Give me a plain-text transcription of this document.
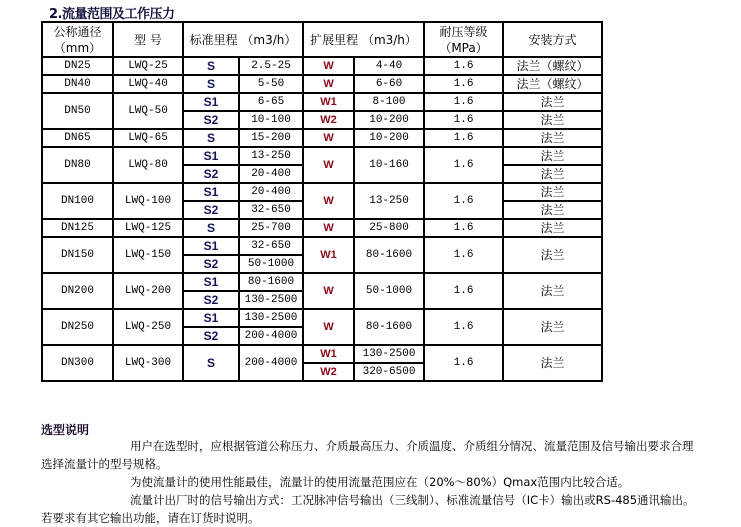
2.流量范围及工作压力
公称通径（mm）	型 号	标准里程 （m3/h）		扩展里程 （m3/h）		耐压等级（MPa）	安装方式
DN25	LWQ-25	S	2.5-25	W	4-40	1.6	法兰（螺纹）
DN40	LWQ-40	S	5-50	W	6-60	1.6	法兰（螺纹）
DN50	LWQ-50	S1	6-65	W1	8-100	1.6	法兰
		S2	10-100	W2	10-200	1.6	法兰
DN65	LWQ-65	S	15-200	W	10-200	1.6	法兰
DN80	LWQ-80	S1	13-250	W	10-160	1.6	法兰
		S2	20-400				法兰
DN100	LWQ-100	S1	20-400	W	13-250	1.6	法兰
		S2	32-650				法兰
DN125	LWQ-125	S	25-700	W	25-800	1.6	法兰
DN150	LWQ-150	S1	32-650	W1	80-1600	1.6	法兰
		S2	50-1000				
DN200	LWQ-200	S1	80-1600	W	50-1000	1.6	法兰
		S2	130-2500				
DN250	LWQ-250	S1	130-2500	W	80-1600	1.6	法兰
		S2	200-4000				
DN300	LWQ-300	S	200-4000	W1	130-2500	1.6	法兰
				W2	320-6500		
选型说明
用户在选型时，应根据管道公称压力、介质最高压力、介质温度、介质组分情况、流量范围及信号输出要求合理选择流量计的型号规格。
为使流量计的使用性能最佳，流量计的使用流量范围应在（20%～80%）Qmax范围内比较合适。
流量计出厂时的信号输出方式：工况脉冲信号输出（三线制）、标准流量信号（IC卡）输出或RS-485通讯输出。若要求有其它输出功能，请在订货时说明。
